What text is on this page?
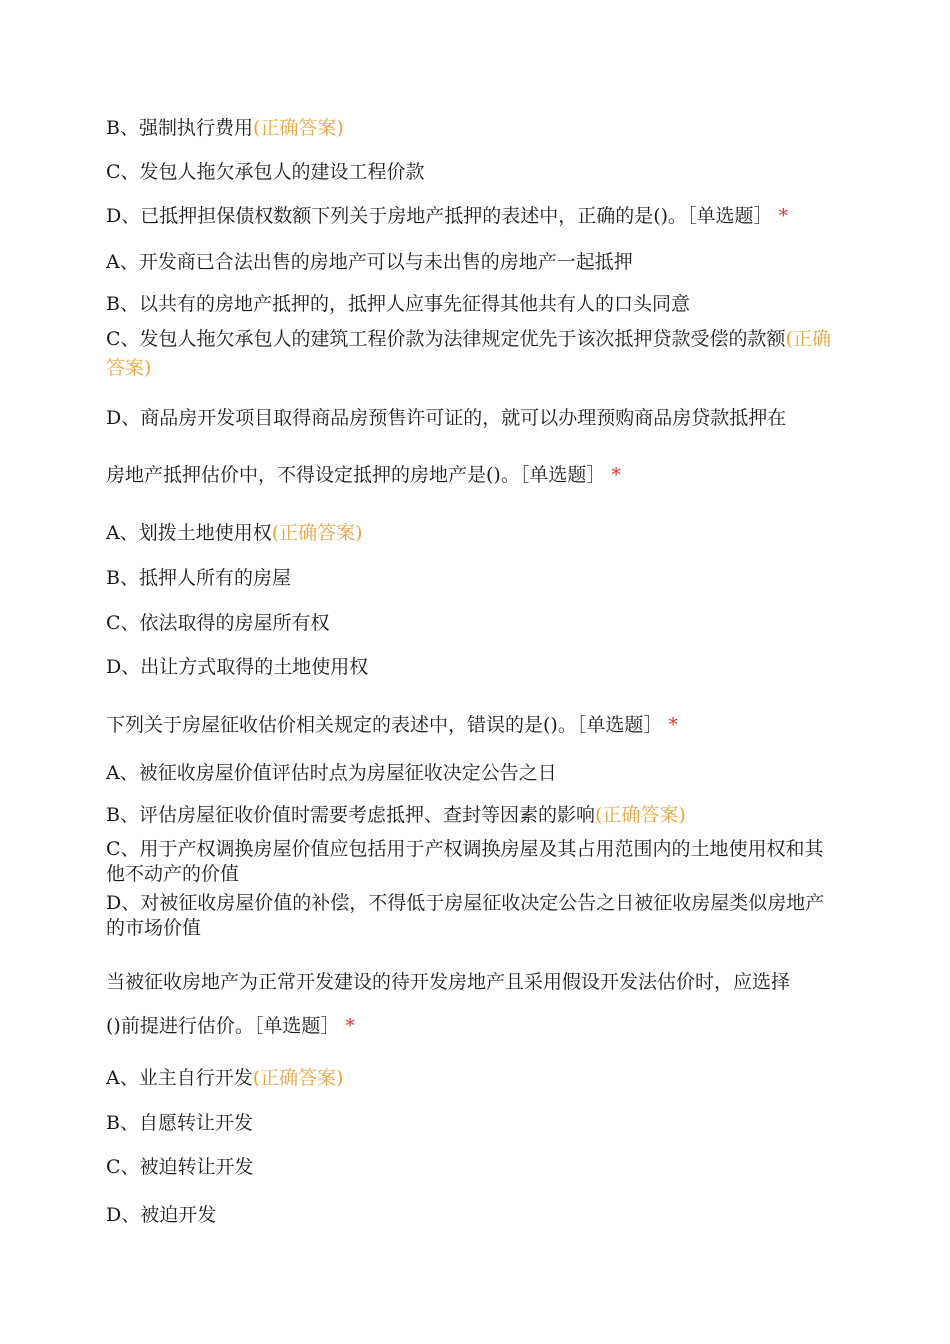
B、强制执行费用(正确答案)
C、发包人拖欠承包人的建设工程价款
D、已抵押担保债权数额下列关于房地产抵押的表述中，正确的是()。［单选题］ *
A、开发商已合法出售的房地产可以与未出售的房地产一起抵押
B、以共有的房地产抵押的，抵押人应事先征得其他共有人的口头同意
C、发包人拖欠承包人的建筑工程价款为法律规定优先于该次抵押贷款受偿的款额(正确答案)
D、商品房开发项目取得商品房预售许可证的，就可以办理预购商品房贷款抵押在
房地产抵押估价中，不得设定抵押的房地产是()。［单选题］ *
A、划拨土地使用权(正确答案)
B、抵押人所有的房屋
C、依法取得的房屋所有权
D、出让方式取得的土地使用权
下列关于房屋征收估价相关规定的表述中，错误的是()。［单选题］ *
A、被征收房屋价值评估时点为房屋征收决定公告之日
B、评估房屋征收价值时需要考虑抵押、查封等因素的影响(正确答案)
C、用于产权调换房屋价值应包括用于产权调换房屋及其占用范围内的土地使用权和其他不动产的价值
D、对被征收房屋价值的补偿，不得低于房屋征收决定公告之日被征收房屋类似房地产的市场价值
当被征收房地产为正常开发建设的待开发房地产且采用假设开发法估价时，应选择
()前提进行估价。［单选题］ *
A、业主自行开发(正确答案)
B、自愿转让开发
C、被迫转让开发
D、被迫开发
